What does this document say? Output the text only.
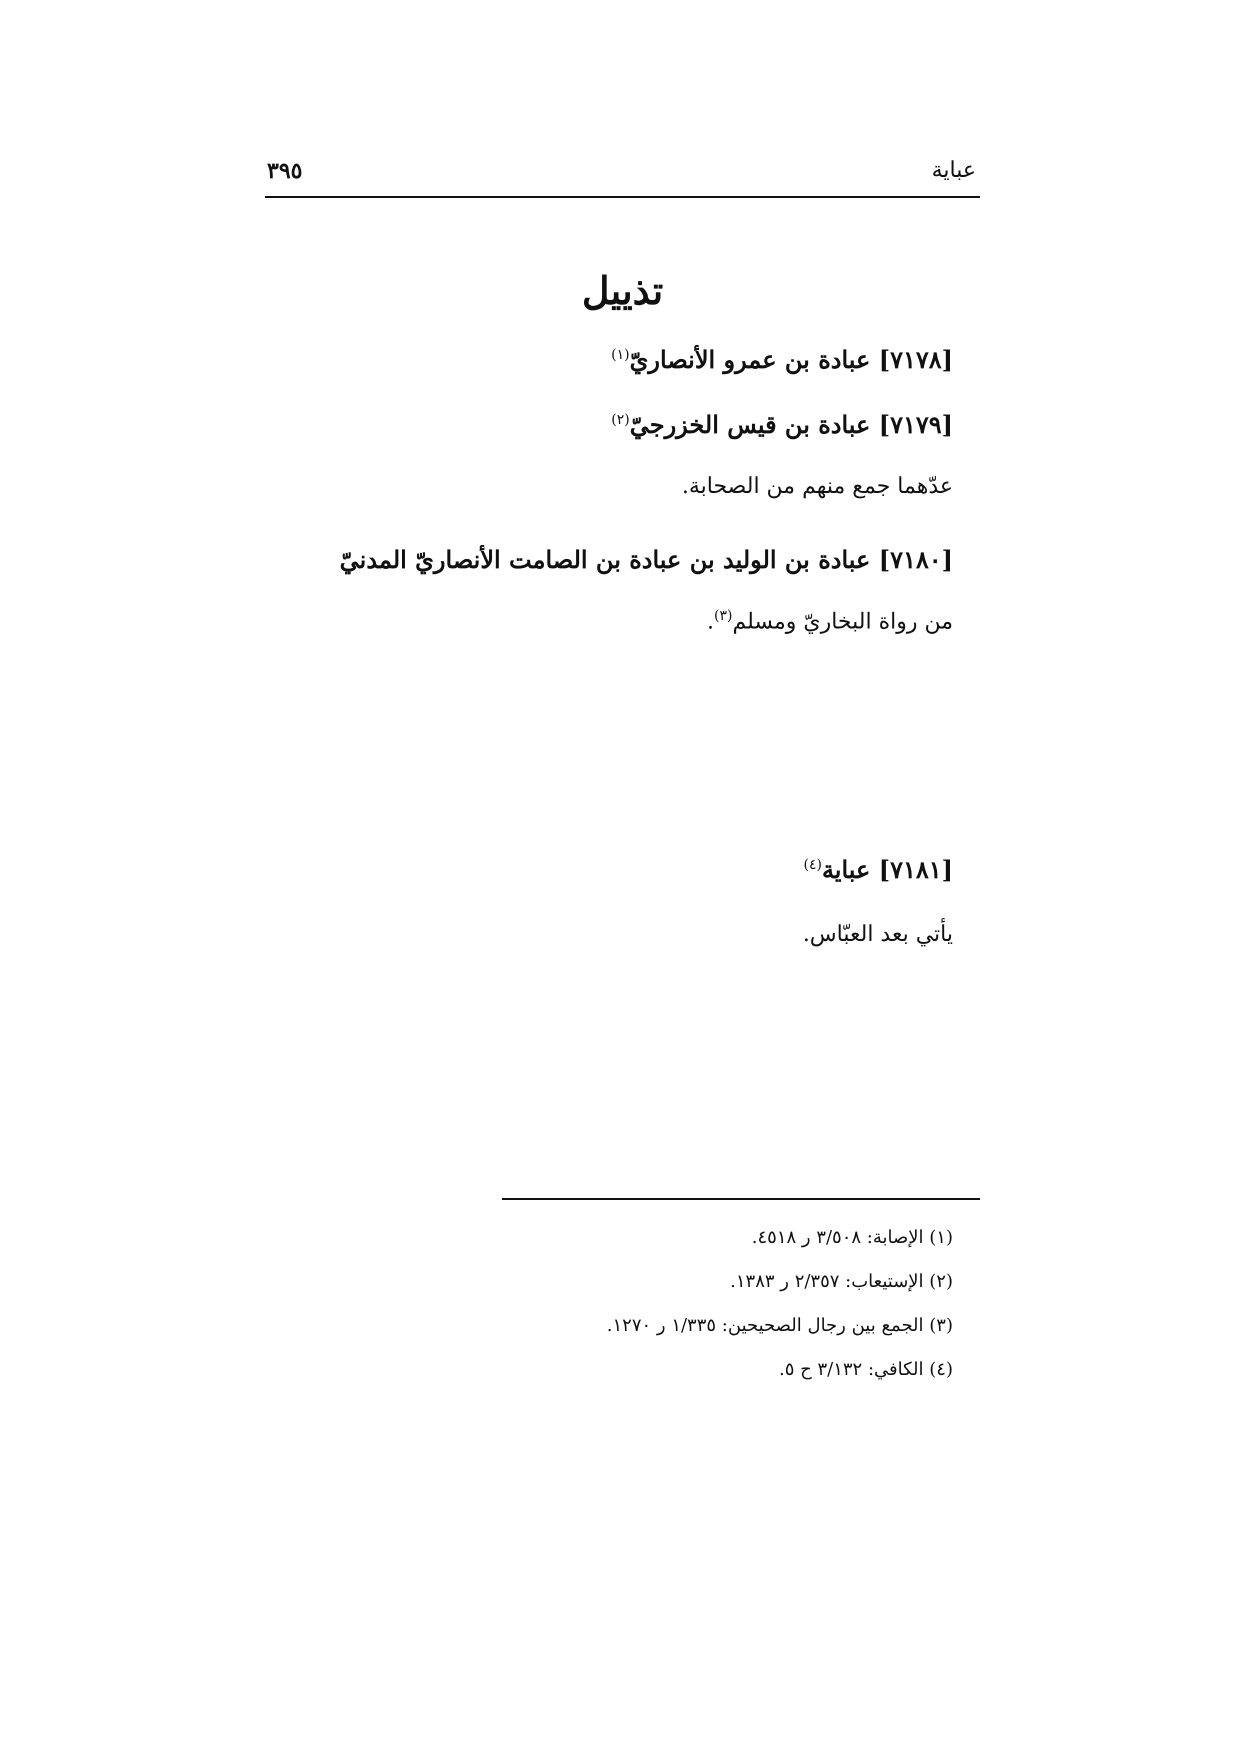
عباية
٣٩٥
تذييل
[٧١٧٨] عبادة بن عمرو الأنصاريّ$^{(١)}$
[٧١٧٩] عبادة بن قيس الخزرجيّ$^{(٢)}$
عدّهما جمع منهم من الصحابة.
[٧١٨٠] عبادة بن الوليد بن عبادة بن الصامت الأنصاريّ المدنيّ
من رواة البخاريّ ومسلم$^{(٣)}$.
[٧١٨١] عباية$^{(٤)}$
يأتي بعد العبّاس.
(١) الإصابة: ٣/٥٠٨ ر ٤٥١٨.
(٢) الإستيعاب: ٢/٣٥٧ ر ١٣٨٣.
(٣) الجمع بين رجال الصحيحين: ١/٣٣٥ ر ١٢٧٠.
(٤) الكافي: ٣/١٣٢ ح ٥.
